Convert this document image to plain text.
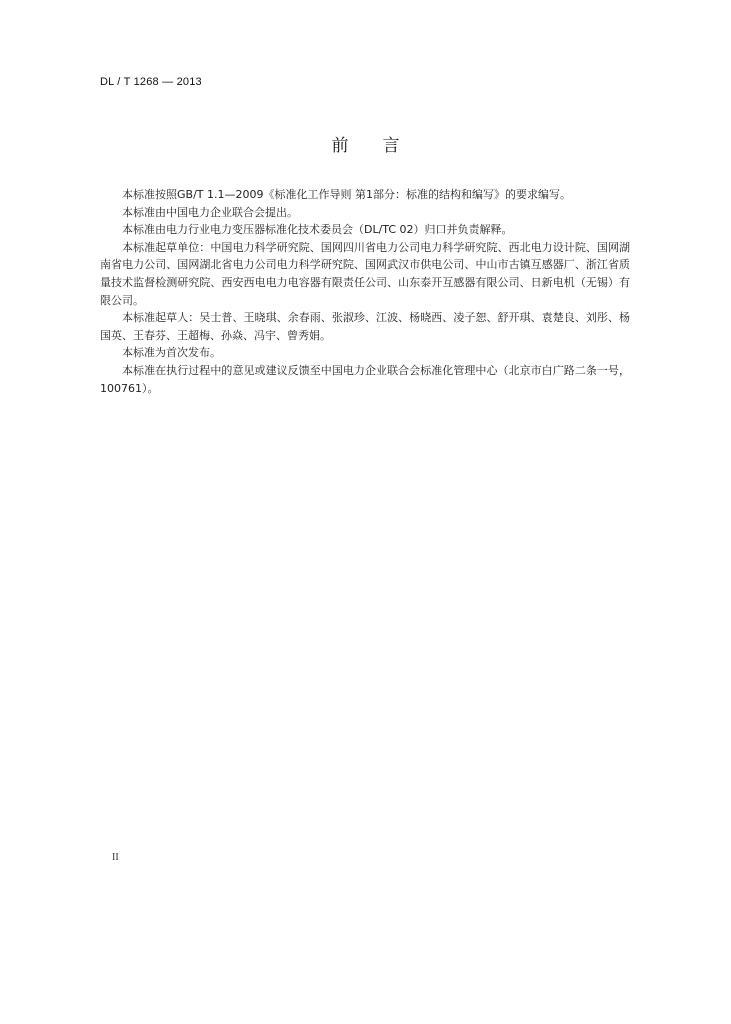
DL / T 1268 — 2013
前言

本标准按照GB/T 1.1—2009《标准化工作导则 第1部分：标准的结构和编写》的要求编写。

本标准由中国电力企业联合会提出。

本标准由电力行业电力变压器标准化技术委员会（DL/TC 02）归口并负责解释。

本标准起草单位：中国电力科学研究院、国网四川省电力公司电力科学研究院、西北电力设计院、国网湖南省电力公司、国网湖北省电力公司电力科学研究院、国网武汉市供电公司、中山市古镇互感器厂、浙江省质量技术监督检测研究院、西安西电电力电容器有限责任公司、山东泰开互感器有限公司、日新电机（无锡）有限公司。

本标准起草人：吴士普、王晓琪、余春雨、张淑珍、江波、杨晓西、凌子恕、舒开琪、袁楚良、刘彤、杨国英、王春芬、王超梅、孙焱、冯宇、曾秀娟。

本标准为首次发布。

本标准在执行过程中的意见或建议反馈至中国电力企业联合会标准化管理中心（北京市白广路二条一号，100761）。

II
